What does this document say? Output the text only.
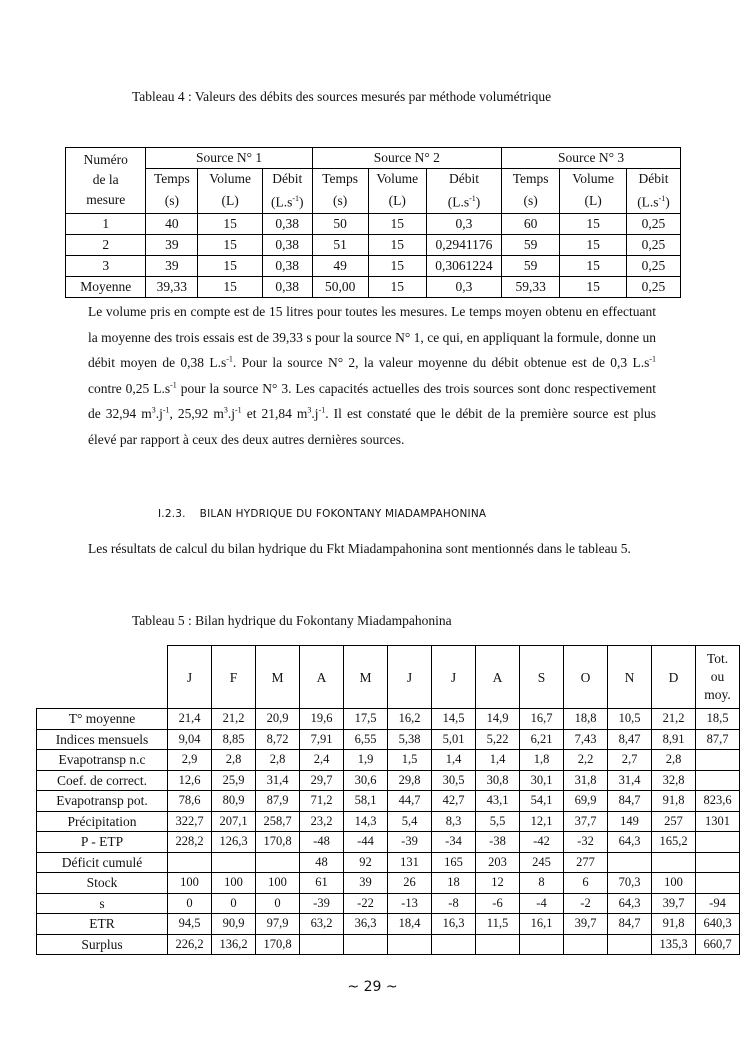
Tableau 4 : Valeurs des débits des sources mesurés par méthode volumétrique
Numéro
de la
mesure	Source N° 1			Source N° 2			Source N° 3		
	Temps	Volume	Débit	Temps	Volume	Débit	Temps	Volume	Débit
	(s)	(L)	$(L.s^{-1})$	(s)	(L)	$(L.s^{-1})$	(s)	(L)	$(L.s^{-1})$
1	40	15	0,38	50	15	0,3	60	15	0,25
2	39	15	0,38	51	15	0,2941176	59	15	0,25
3	39	15	0,38	49	15	0,3061224	59	15	0,25
Moyenne	39,33	15	0,38	50,00	15	0,3	59,33	15	0,25
Le volume pris en compte est de 15 litres pour toutes les mesures. Le temps moyen obtenu en effectuant la moyenne des trois essais est de 39,33 s pour la source N° 1, ce qui, en appliquant la formule, donne un débit moyen de 0,38 $L.s^{-1}$. Pour la source N° 2, la valeur moyenne du débit obtenue est de 0,3 $L.s^{-1}$ contre 0,25 $L.s^{-1}$ pour la source N° 3. Les capacités actuelles des trois sources sont donc respectivement de 32,94 $m^3.j^{-1}$, 25,92 $m^3.j^{-1}$ et 21,84 $m^3.j^{-1}$. Il est constaté que le débit de la première source est plus élevé par rapport à ceux des deux autres dernières sources.
I.2.3. BILAN HYDRIQUE DU FOKONTANY MIADAMPAHONINA
Les résultats de calcul du bilan hydrique du Fkt Miadampahonina sont mentionnés dans le tableau 5.
Tableau 5 : Bilan hydrique du Fokontany Miadampahonina
	J	F	M	A	M	J	J	A	S	O	N	D	Tot.
ou
moy.

T° moyenne	21,4	21,2	20,9	19,6	17,5	16,2	14,5	14,9	16,7	18,8	10,5	21,2	18,5
Indices mensuels	9,04	8,85	8,72	7,91	6,55	5,38	5,01	5,22	6,21	7,43	8,47	8,91	87,7
Evapotransp n.c	2,9	2,8	2,8	2,4	1,9	1,5	1,4	1,4	1,8	2,2	2,7	2,8	
Coef. de correct.	12,6	25,9	31,4	29,7	30,6	29,8	30,5	30,8	30,1	31,8	31,4	32,8	
Evapotransp pot.	78,6	80,9	87,9	71,2	58,1	44,7	42,7	43,1	54,1	69,9	84,7	91,8	823,6
Précipitation	322,7	207,1	258,7	23,2	14,3	5,4	8,3	5,5	12,1	37,7	149	257	1301
P - ETP	228,2	126,3	170,8	-48	-44	-39	-34	-38	-42	-32	64,3	165,2	
Déficit cumulé				48	92	131	165	203	245	277			
Stock	100	100	100	61	39	26	18	12	8	6	70,3	100	
s	0	0	0	-39	-22	-13	-8	-6	-4	-2	64,3	39,7	-94
ETR	94,5	90,9	97,9	63,2	36,3	18,4	16,3	11,5	16,1	39,7	84,7	91,8	640,3
Surplus	226,2	136,2	170,8									135,3	660,7
~ 29 ~
